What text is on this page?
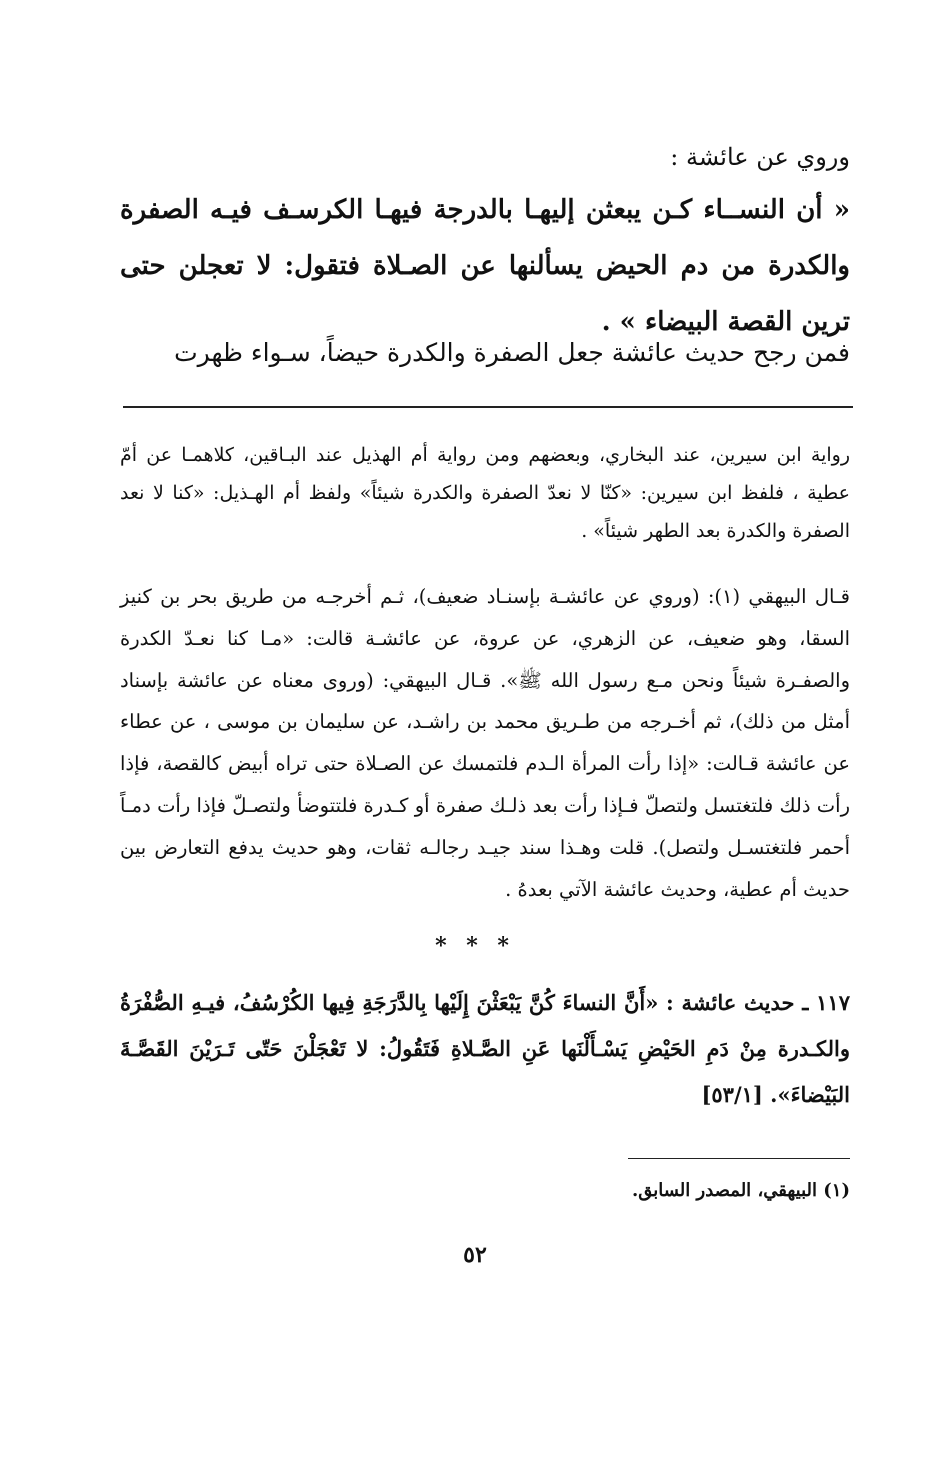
وروي عن عائشة :
« أن النســاء كـن يبعثن إليهـا بالدرجة فيهـا الكرسـف فيـه الصفرة والكدرة من دم الحيض يسألنها عن الصـلاة فتقول: لا تعجلن حتى ترين القصة البيضاء » .
فمن رجح حديث عائشة جعل الصفرة والكدرة حيضاً، سـواء ظهرت
رواية ابن سيرين، عند البخاري، وبعضهم ومن رواية أم الهذيل عند البـاقين، كلاهمـا عن أمّ عطية ، فلفظ ابن سيرين: «كنّا لا نعدّ الصفرة والكدرة شيئاً» ولفظ أم الهـذيل: «كنا لا نعد الصفرة والكدرة بعد الطهر شيئاً» .
قـال البيهقي (١): (وروي عن عائشـة بإسنـاد ضعيف)، ثـم أخرجـه من طريق بحر بن كنيز السقا، وهو ضعيف، عن الزهري، عن عروة، عن عائشـة قالت: «مـا كنا نعـدّ الكدرة والصفـرة شيئاً ونحن مـع رسول الله ﷺ». قـال البيهقي: (وروى معناه عن عائشة بإسناد أمثل من ذلك)، ثم أخـرجه من طـريق محمد بن راشـد، عن سليمان بن موسى ، عن عطاء عن عائشة قـالت: «إذا رأت المرأة الـدم فلتمسك عن الصـلاة حتى تراه أبيض كالقصة، فإذا رأت ذلك فلتغتسل ولتصلّ فـإذا رأت بعد ذلـك صفرة أو كـدرة فلتتوضأ ولتصـلّ فإذا رأت دمـاً أحمر فلتغتسـل ولتصل). قلت وهـذا سند جيـد رجالـه ثقات، وهو حديث يدفع التعارض بين حديث أم عطية، وحديث عائشة الآتي بعدهُ .
* * *
١١٧ ـ حديث عائشة : «أَنَّ النساءَ كُنَّ يَبْعَثْنَ إِلَيْها بِالدَّرَجَةِ فِيها الكُرْسُفُ، فيـهِ الصُّفْرَةُ والكـدرة مِنْ دَمِ الحَيْضِ يَسْـأَلْنَها عَنِ الصَّـلاةِ فَتَقُولُ: لا تَعْجَلْنَ حَتّى تَـرَيْنَ القَصَّـةَ البَيْضاءَ». [٥٣/١]
(١) البيهقي، المصدر السابق.
٥٢
